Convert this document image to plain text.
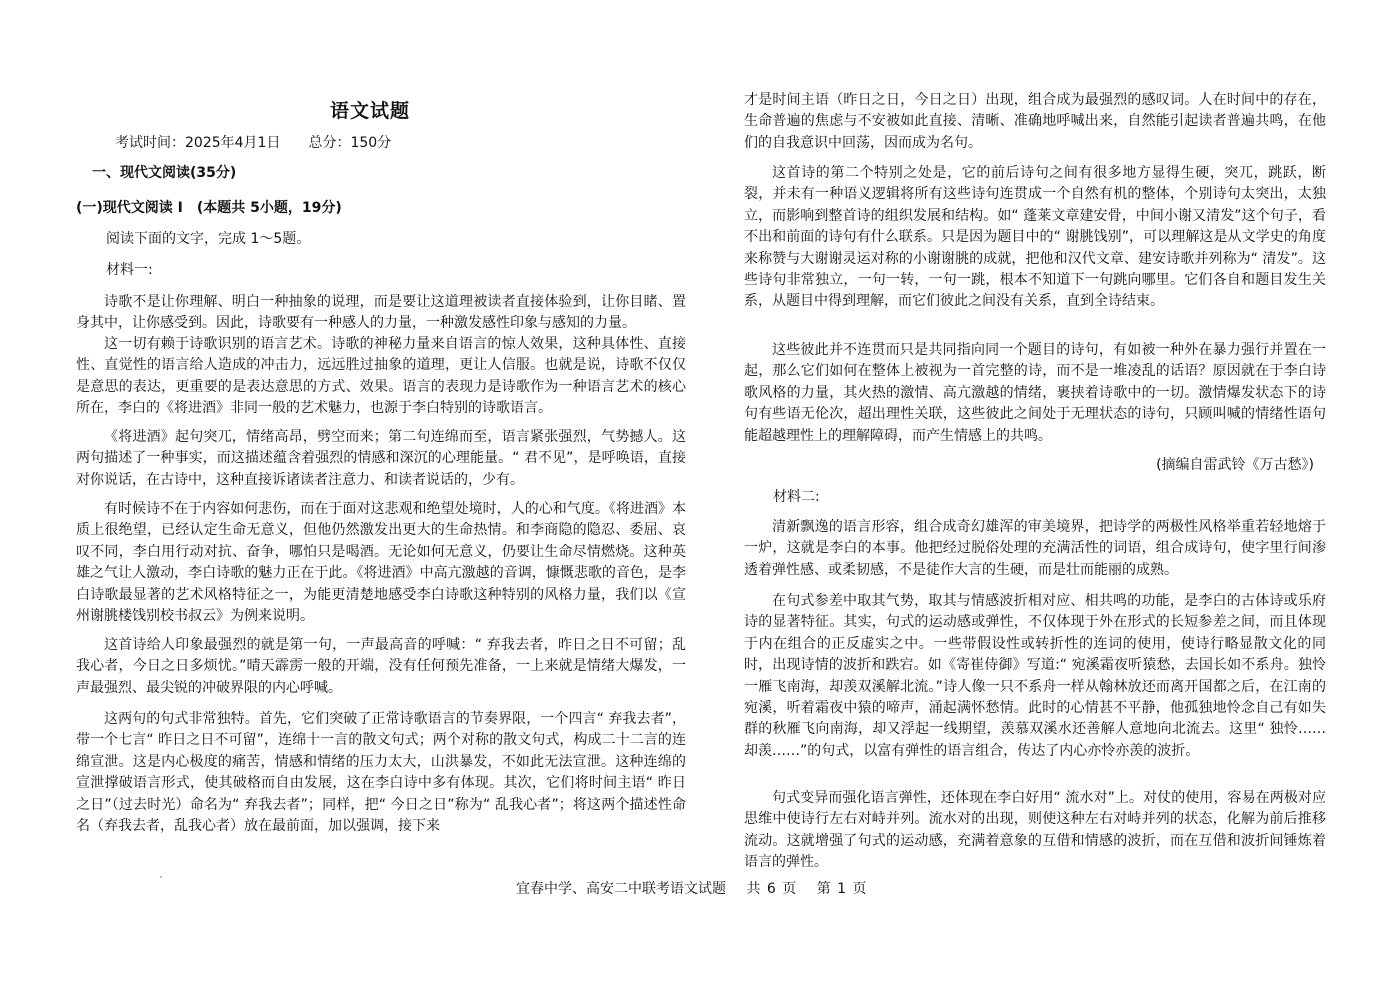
语文试题
考试时间：2025年4月1日　　总分：150分
一、现代文阅读(35分)
(一)现代文阅读 Ⅰ　(本题共 5小题，19分)
阅读下面的文字，完成 1～5题。
材料一:

诗歌不是让你理解、明白一种抽象的说理，而是要让这道理被读者直接体验到，让你目睹、置身其中，让你感受到。因此，诗歌要有一种感人的力量，一种激发感性印象与感知的力量。

这一切有赖于诗歌识别的语言艺术。诗歌的神秘力量来自语言的惊人效果，这种具体性、直接性、直觉性的语言给人造成的冲击力，远远胜过抽象的道理，更让人信服。也就是说，诗歌不仅仅是意思的表达，更重要的是表达意思的方式、效果。语言的表现力是诗歌作为一种语言艺术的核心所在，李白的《将进酒》非同一般的艺术魅力，也源于李白特别的诗歌语言。

《将进酒》起句突兀，情绪高昂，劈空而来；第二句连绵而至，语言紧张强烈，气势撼人。这两句描述了一种事实，而这描述蕴含着强烈的情感和深沉的心理能量。“ 君不见”，是呼唤语，直接对你说话，在古诗中，这种直接诉诸读者注意力、和读者说话的，少有。

有时候诗不在于内容如何悲伤，而在于面对这悲观和绝望处境时，人的心和气度。《将进酒》本质上很绝望，已经认定生命无意义，但他仍然激发出更大的生命热情。和李商隐的隐忍、委屈、哀叹不同，李白用行动对抗、奋争，哪怕只是喝酒。无论如何无意义，仍要让生命尽情燃烧。这种英雄之气让人激动，李白诗歌的魅力正在于此。《将进酒》中高亢激越的音调，慷慨悲歌的音色，是李白诗歌最显著的艺术风格特征之一，为能更清楚地感受李白诗歌这种特别的风格力量，我们以《宣州谢朓楼饯别校书叔云》为例来说明。

这首诗给人印象最强烈的就是第一句，一声最高音的呼喊：“ 弃我去者，昨日之日不可留；乱我心者，今日之日多烦忧。”晴天霹雳一般的开端，没有任何预先准备，一上来就是情绪大爆发，一声最强烈、最尖锐的冲破界限的内心呼喊。

这两句的句式非常独特。首先，它们突破了正常诗歌语言的节奏界限，一个四言“ 弃我去者”，带一个七言“ 昨日之日不可留”，连绵十一言的散文句式；两个对称的散文句式，构成二十二言的连绵宣泄。这是内心极度的痛苦，情感和情绪的压力太大，山洪暴发，不如此无法宣泄。这种连绵的宣泄撑破语言形式，使其破格而自由发展，这在李白诗中多有体现。其次，它们将时间主语“ 昨日之日”（过去时光）命名为“ 弃我去者”；同样，把“ 今日之日”称为“ 乱我心者”；将这两个描述性命名（弃我去者，乱我心者）放在最前面，加以强调，接下来

才是时间主语（昨日之日，今日之日）出现，组合成为最强烈的感叹词。人在时间中的存在，生命普遍的焦虑与不安被如此直接、清晰、准确地呼喊出来，自然能引起读者普遍共鸣，在他们的自我意识中回荡，因而成为名句。

这首诗的第二个特别之处是，它的前后诗句之间有很多地方显得生硬，突兀，跳跃，断裂，并未有一种语义逻辑将所有这些诗句连贯成一个自然有机的整体，个别诗句太突出，太独立，而影响到整首诗的组织发展和结构。如“ 蓬莱文章建安骨，中间小谢又清发”这个句子，看不出和前面的诗句有什么联系。只是因为题目中的“ 谢朓饯别”，可以理解这是从文学史的角度来称赞与大谢谢灵运对称的小谢谢朓的成就，把他和汉代文章、建安诗歌并列称为“ 清发”。这些诗句非常独立，一句一转，一句一跳，根本不知道下一句跳向哪里。它们各自和题目发生关系，从题目中得到理解，而它们彼此之间没有关系，直到全诗结束。

这些彼此并不连贯而只是共同指向同一个题目的诗句，有如被一种外在暴力强行并置在一起，那么它们如何在整体上被视为一首完整的诗，而不是一堆凌乱的话语？原因就在于李白诗歌风格的力量，其火热的激情、高亢激越的情绪，裹挟着诗歌中的一切。激情爆发状态下的诗句有些语无伦次，超出理性关联，这些彼此之间处于无理状态的诗句，只顾叫喊的情绪性语句能超越理性上的理解障碍，而产生情感上的共鸣。

(摘编自雷武铃《万古愁》)
材料二:

清新飘逸的语言形容，组合成奇幻雄浑的审美境界，把诗学的两极性风格举重若轻地熔于一炉，这就是李白的本事。他把经过脱俗处理的充满活性的词语，组合成诗句，使字里行间渗透着弹性感、或柔韧感，不是徒作大言的生硬，而是壮而能丽的成熟。

在句式参差中取其气势，取其与情感波折相对应、相共鸣的功能，是李白的古体诗或乐府诗的显著特征。其实，句式的运动感或弹性，不仅体现于外在形式的长短参差之间，而且体现于内在组合的正反虚实之中。一些带假设性或转折性的连词的使用，使诗行略显散文化的同时，出现诗情的波折和跌宕。如《寄崔侍御》写道:“ 宛溪霜夜听猿愁，去国长如不系舟。独怜一雁飞南海，却羡双溪解北流。”诗人像一只不系舟一样从翰林放还而离开国都之后，在江南的宛溪，听着霜夜中猿的啼声，涌起满怀愁情。此时的心情甚不平静，他孤独地怜念自己有如失群的秋雁飞向南海，却又浮起一线期望，羡慕双溪水还善解人意地向北流去。这里“ 独怜……却羡……”的句式，以富有弹性的语言组合，传达了内心亦怜亦羡的波折。

句式变异而强化语言弹性，还体现在李白好用“ 流水对”上。对仗的使用，容易在两极对应思维中使诗行左右对峙并列。流水对的出现，则使这种左右对峙并列的状态，化解为前后推移流动。这就增强了句式的运动感，充满着意象的互借和情感的波折，而在互借和波折间锤炼着语言的弹性。

宜春中学、高安二中联考语文试题 共 6 页 第 1 页
